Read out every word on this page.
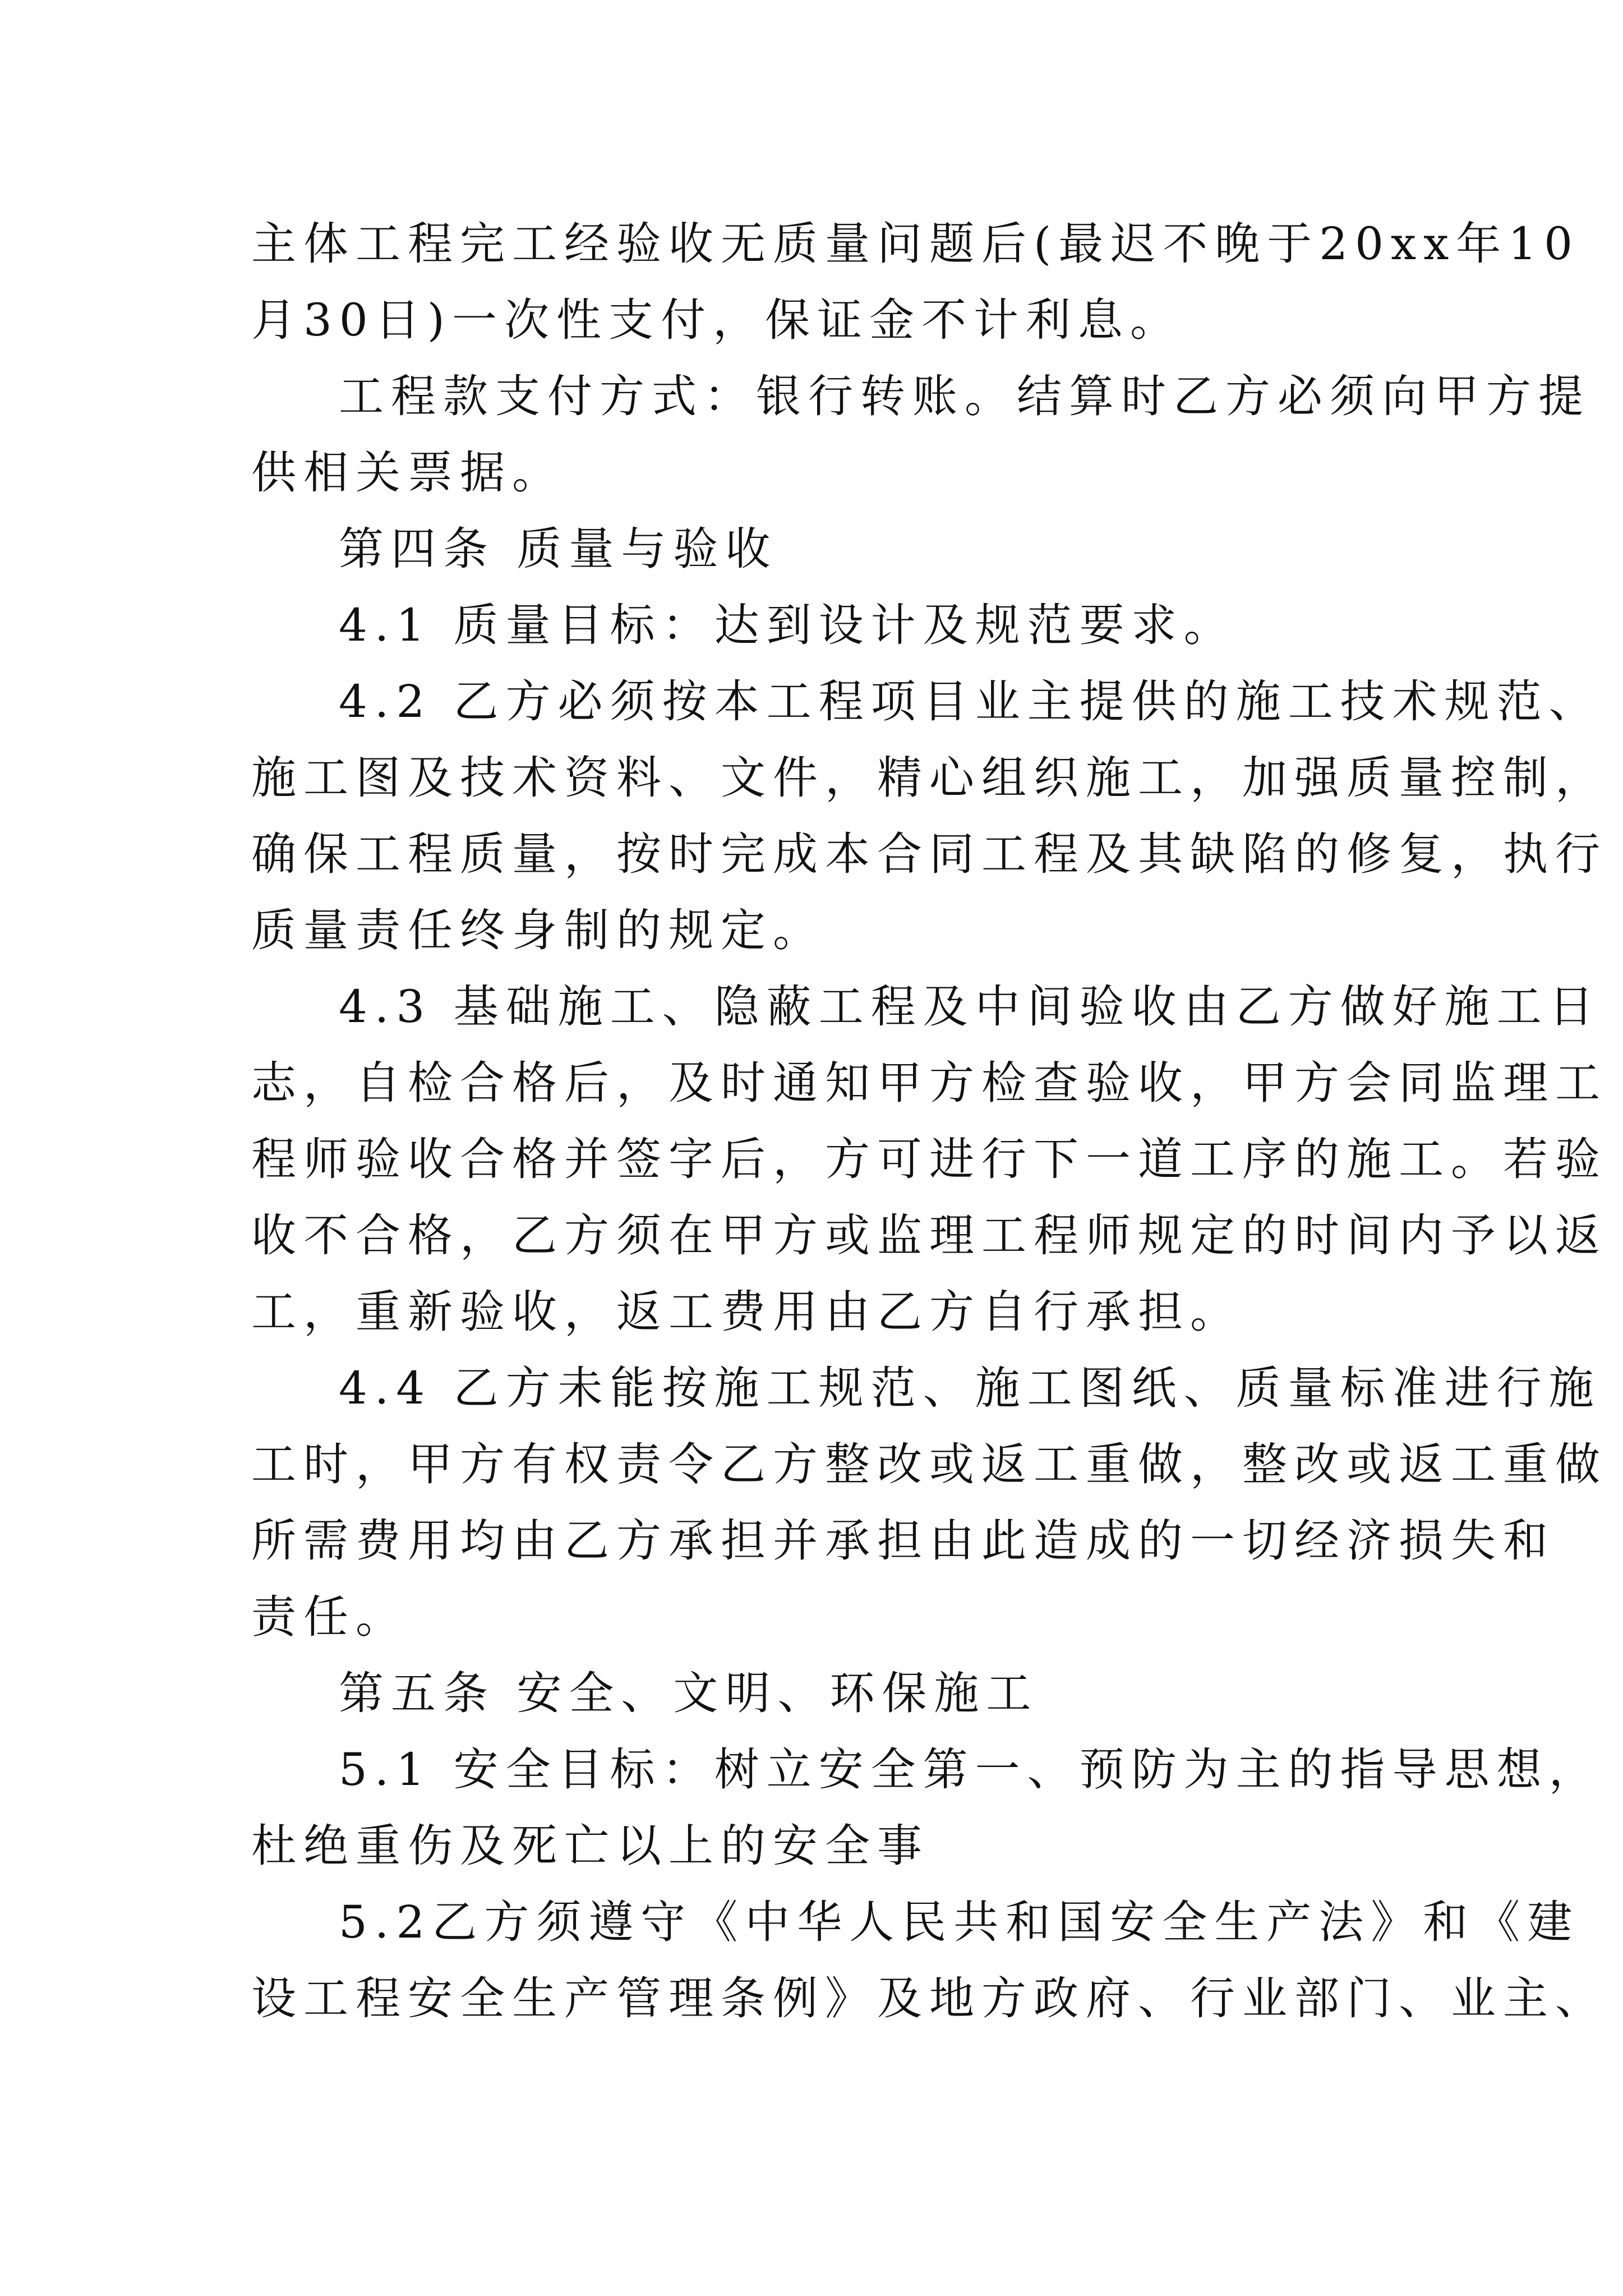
主体工程完工经验收无质量问题后(最迟不晚于20xx年10
月30日)一次性支付，保证金不计利息。
工程款支付方式：银行转账。结算时乙方必须向甲方提
供相关票据。
第四条 质量与验收
4.1 质量目标：达到设计及规范要求。
4.2 乙方必须按本工程项目业主提供的施工技术规范、
施工图及技术资料、文件，精心组织施工，加强质量控制，
确保工程质量，按时完成本合同工程及其缺陷的修复，执行
质量责任终身制的规定。
4.3 基础施工、隐蔽工程及中间验收由乙方做好施工日
志，自检合格后，及时通知甲方检查验收，甲方会同监理工
程师验收合格并签字后，方可进行下一道工序的施工。若验
收不合格，乙方须在甲方或监理工程师规定的时间内予以返
工，重新验收，返工费用由乙方自行承担。
4.4 乙方未能按施工规范、施工图纸、质量标准进行施
工时，甲方有权责令乙方整改或返工重做，整改或返工重做
所需费用均由乙方承担并承担由此造成的一切经济损失和
责任。
第五条 安全、文明、环保施工
5.1 安全目标：树立安全第一、预防为主的指导思想，
杜绝重伤及死亡以上的安全事
5.2乙方须遵守《中华人民共和国安全生产法》和《建
设工程安全生产管理条例》及地方政府、行业部门、业主、
